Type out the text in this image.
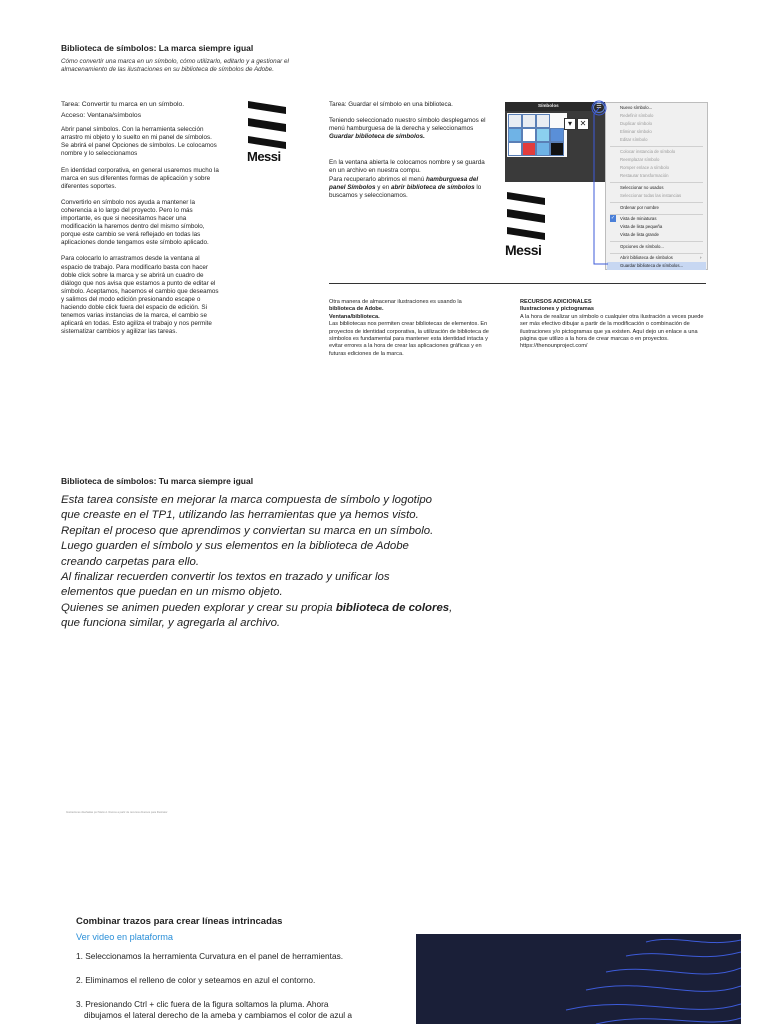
Biblioteca de símbolos: La marca siempre igual
Cómo convertir una marca en un símbolo, cómo utilizarlo, editarlo y a gestionar el almacenamiento de las ilustraciones en su biblioteca de símbolos de Adobe.
Tarea: Convertir tu marca en un símbolo.
Acceso: Ventana/símbolos

Abrir panel símbolos. Con la herramienta selección arrastro mi objeto y lo suelto en mi panel de símbolos. Se abrirá el panel Opciones de símbolos. Le colocamos nombre y lo seleccionamos

En identidad corporativa, en general usaremos mucho la marca en sus diferentes formas de aplicación y sobre diferentes soportes.

Convertirlo en símbolo nos ayuda a mantener la coherencia a lo largo del proyecto. Pero lo más importante, es que si necesitamos hacer una modificación la haremos dentro del mismo símbolo, porque este cambio se verá reflejado en todas las aplicaciones donde tengamos este símbolo aplicado.

Para colocarlo lo arrastramos desde la ventana al espacio de trabajo. Para modificarlo basta con hacer doble click sobre la marca y se abrirá un cuadro de diálogo que nos avisa que estamos a punto de editar el símbolo. Aceptamos, hacemos el cambio que deseamos y salimos del modo edición presionando escape o haciendo doble click fuera del espacio de edición. Si tenemos varias instancias de la marca, el cambio se aplicará en todas. Esto agiliza el trabajo y nos permite sistematizar cambios y agilizar las tareas.

Messi
Tarea: Guardar el símbolo en una biblioteca.

Teniendo seleccionado nuestro símbolo desplegamos el menú hamburguesa de la derecha y seleccionamos Guardar biblioteca de símbolos.

En la ventana abierta le colocamos nombre y se guarda en un archivo en nuestra compu.
Para recuperarlo abrimos el menú hamburguesa del panel Símbolos y en abrir biblioteca de símbolos lo buscamos y seleccionamos.

Símbolos	☰
▾ ✕
Nuevo símbolo...
Redefinir símbolo
Duplicar símbolo
Eliminar símbolo
Editar símbolo
Colocar instancia de símbolo
Reemplazar símbolo
Romper enlace a símbolo
Restaurar transformación
Seleccionar no usados
Seleccionar todas las instancias
Ordenar por nombre
✓ Vista de miniaturas
Vista de lista pequeña
Vista de lista grande
Opciones de símbolo...
Abrir biblioteca de símbolos	›
Guardar biblioteca de símbolos...
Messi
Otra manera de almacenar ilustraciones es usando la
biblioteca de Adobe.
Ventana/biblioteca.
Las bibliotecas nos permiten crear bibliotecas de elementos. En proyectos de identidad corporativa, la utilización de biblioteca de símbolos es fundamental para mantener esta identidad intacta y evitar errores a la hora de crear las aplicaciones gráficas y en futuras ediciones de la marca.
RECURSOS ADICIONALES
Ilustraciones y pictogramas
A la hora de realizar un símbolo o cualquier otra ilustración a veces puede ser más efectivo dibujar a partir de la modificación o combinación de ilustraciones y/o pictogramas que ya existen. Aquí dejo un enlace a una página que utilizo a la hora de crear marcas o en proyectos.
https://thenounproject.com/
Biblioteca de símbolos: Tu marca siempre igual
Esta tarea consiste en mejorar la marca compuesta de símbolo y logotipo
que creaste en el TP1, utilizando las herramientas que ya hemos visto.
Repitan el proceso que aprendimos y conviertan su marca en un símbolo.
Luego guarden el símbolo y sus elementos en la biblioteca de Adobe
creando carpetas para ello.
Al finalizar recuerden convertir los textos en trazado y unificar los
elementos que puedan en un mismo objeto.
Quienes se animen pueden explorar y crear su propia biblioteca de colores,
que funciona similar, y agregarla al archivo.
Ilustraciones diseñadas por Mario A. Ramos a partir de recursos diversos para Illustrator
Combinar trazos para crear líneas intrincadas
Ver video en plataforma
1. Seleccionamos la herramienta Curvatura en el panel de herramientas.
2. Eliminamos el relleno de color y seteamos en azul el contorno.
3. Presionando Ctrl + clic fuera de la figura soltamos la pluma. Ahora
dibujamos el lateral derecho de la ameba y cambiamos el color de azul a
